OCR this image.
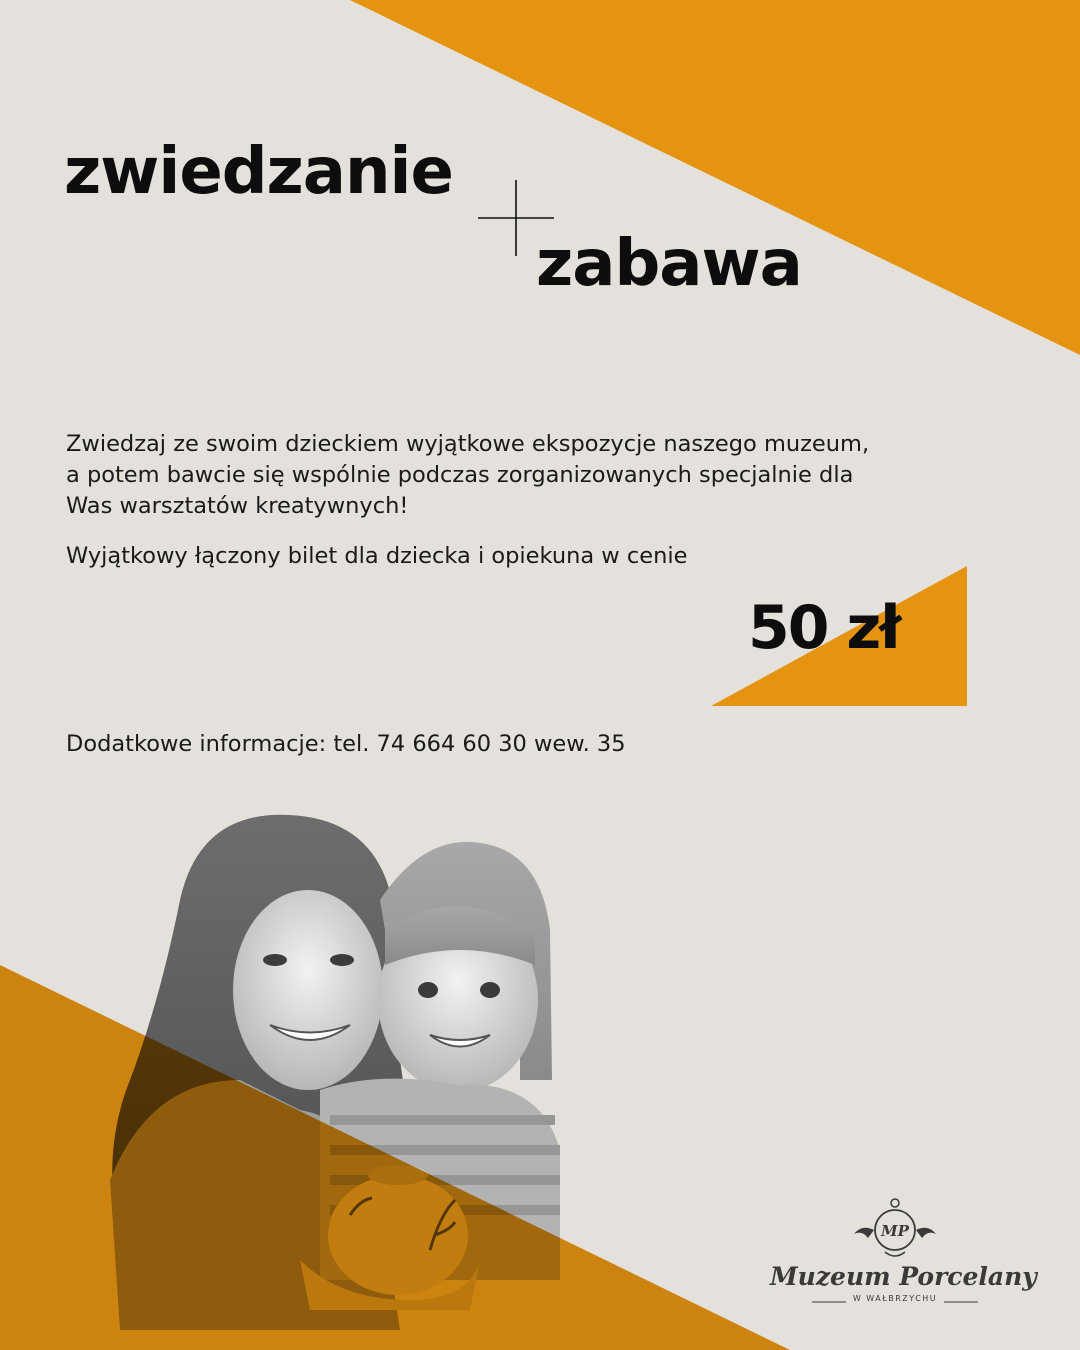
zwiedzanie
zabawa
Zwiedzaj ze swoim dzieckiem wyjątkowe ekspozycje naszego muzeum,
a potem bawcie się wspólnie podczas zorganizowanych specjalnie dla
Was warsztatów kreatywnych!
Wyjątkowy łączony bilet dla dziecka i opiekuna w cenie
50 zł
Dodatkowe informacje: tel. 74 664 60 30 wew. 35
MP
Muzeum Porcelany
W WAŁBRZYCHU
